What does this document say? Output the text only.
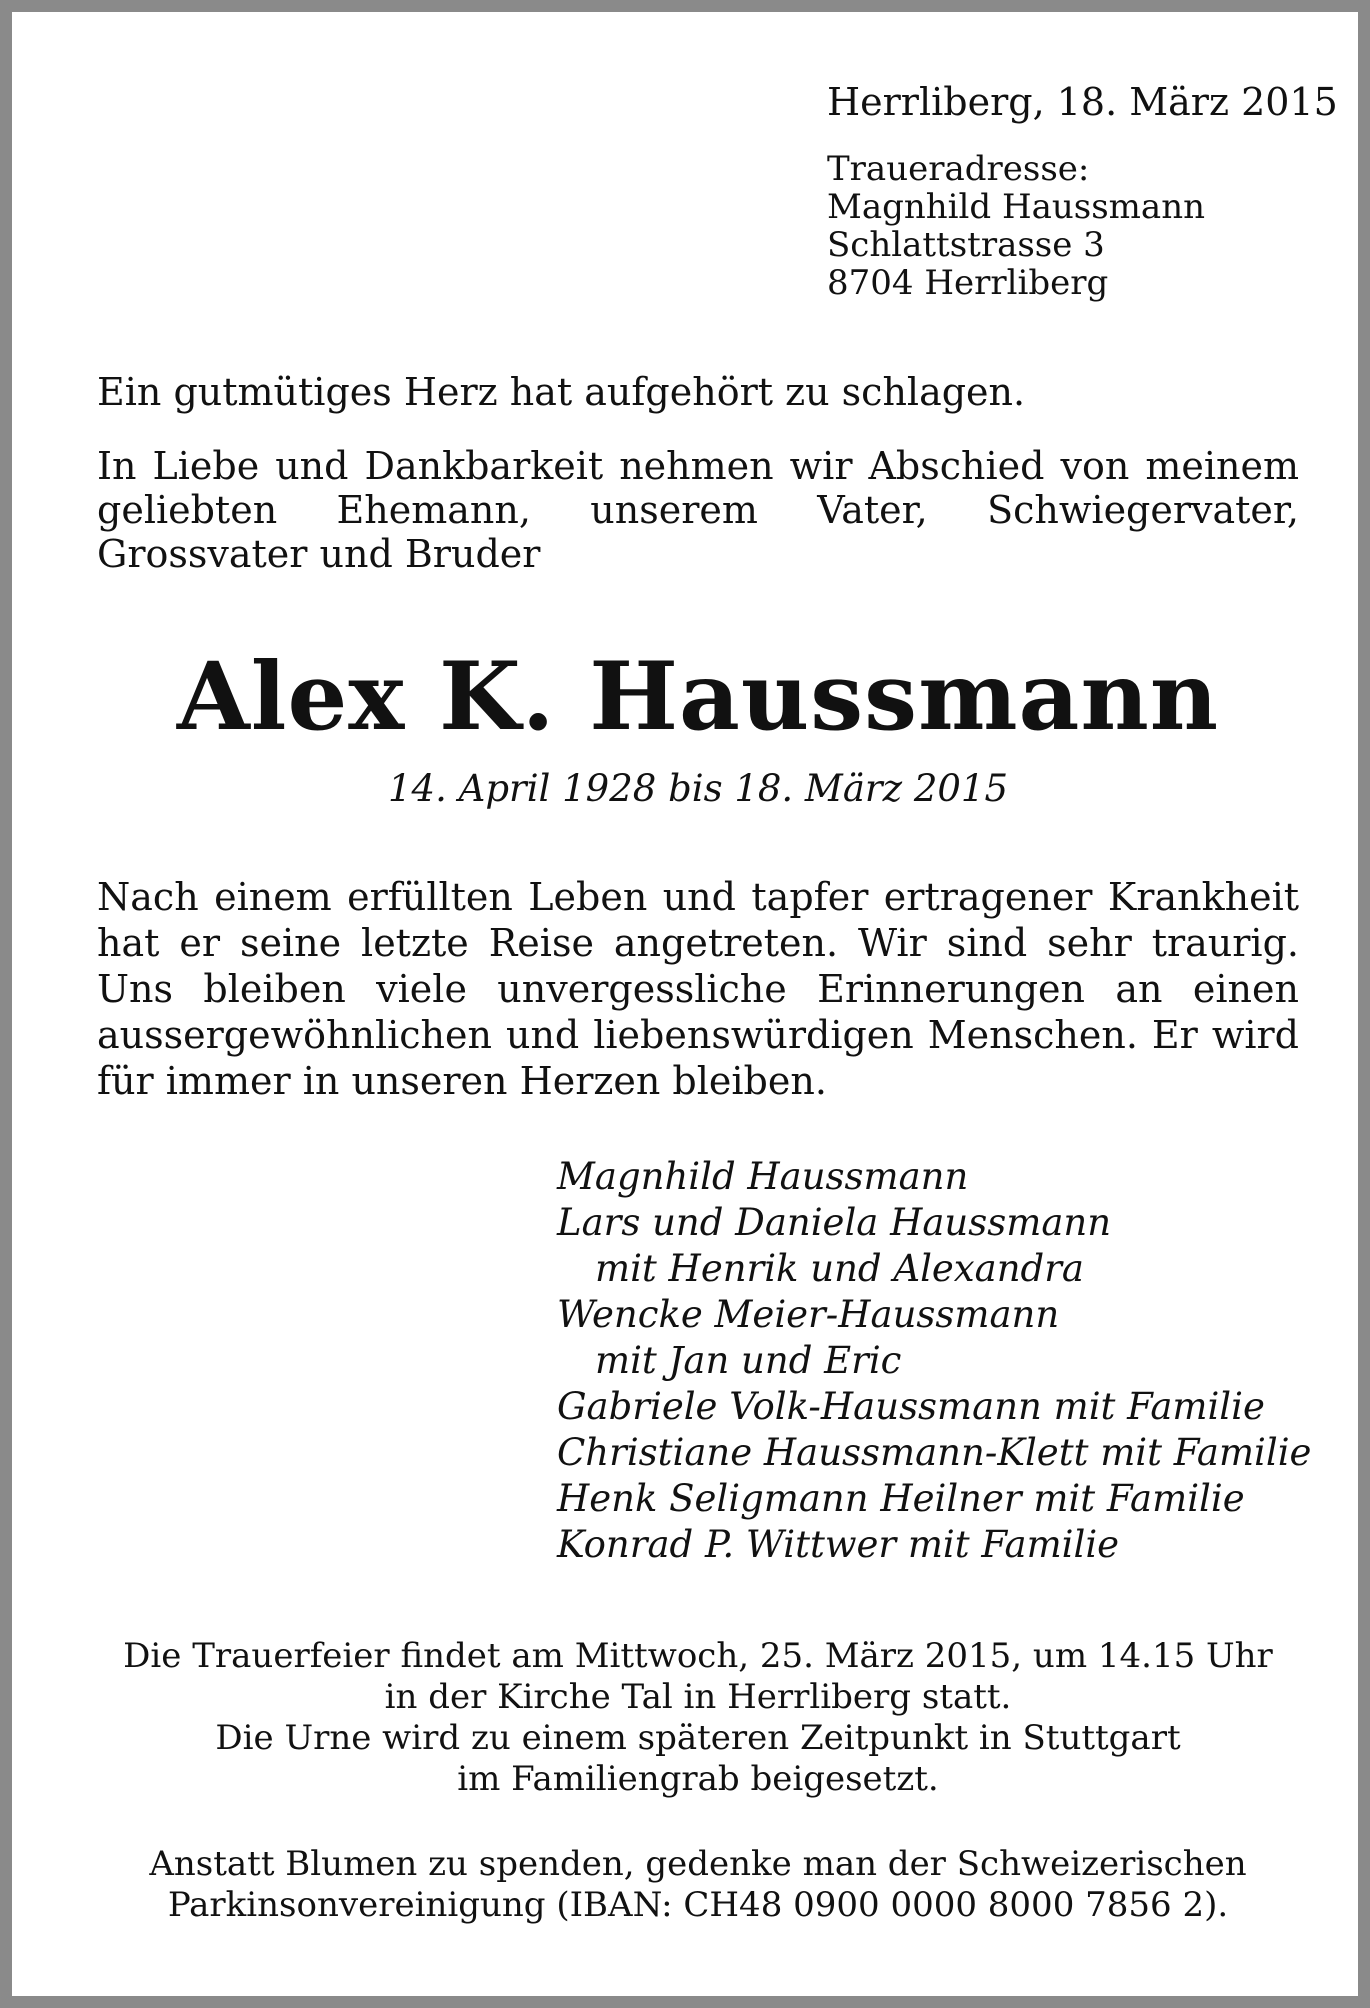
Herrliberg, 18. März 2015
Traueradresse:
Magnhild Haussmann
Schlattstrasse 3
8704 Herrliberg
Ein gutmütiges Herz hat aufgehört zu schlagen.
In Liebe und Dankbarkeit nehmen wir Abschied von meinem geliebten Ehemann, unserem Vater, Schwiegervater, Grossvater und Bruder
Alex K. Haussmann
14. April 1928 bis 18. März 2015
Nach einem erfüllten Leben und tapfer ertragener Krankheit hat er seine letzte Reise angetreten. Wir sind sehr traurig. Uns bleiben viele unvergessliche Erinnerungen an einen aussergewöhnlichen und liebenswürdigen Menschen. Er wird für immer in unseren Herzen bleiben.
Magnhild Haussmann
Lars und Daniela Haussmann
mit Henrik und Alexandra
Wencke Meier-Haussmann
mit Jan und Eric
Gabriele Volk-Haussmann mit Familie
Christiane Haussmann-Klett mit Familie
Henk Seligmann Heilner mit Familie
Konrad P. Wittwer mit Familie
Die Trauerfeier findet am Mittwoch, 25. März 2015, um 14.15 Uhr
in der Kirche Tal in Herrliberg statt.
Die Urne wird zu einem späteren Zeitpunkt in Stuttgart
im Familiengrab beigesetzt.
Anstatt Blumen zu spenden, gedenke man der Schweizerischen
Parkinsonvereinigung (IBAN: CH48 0900 0000 8000 7856 2).
